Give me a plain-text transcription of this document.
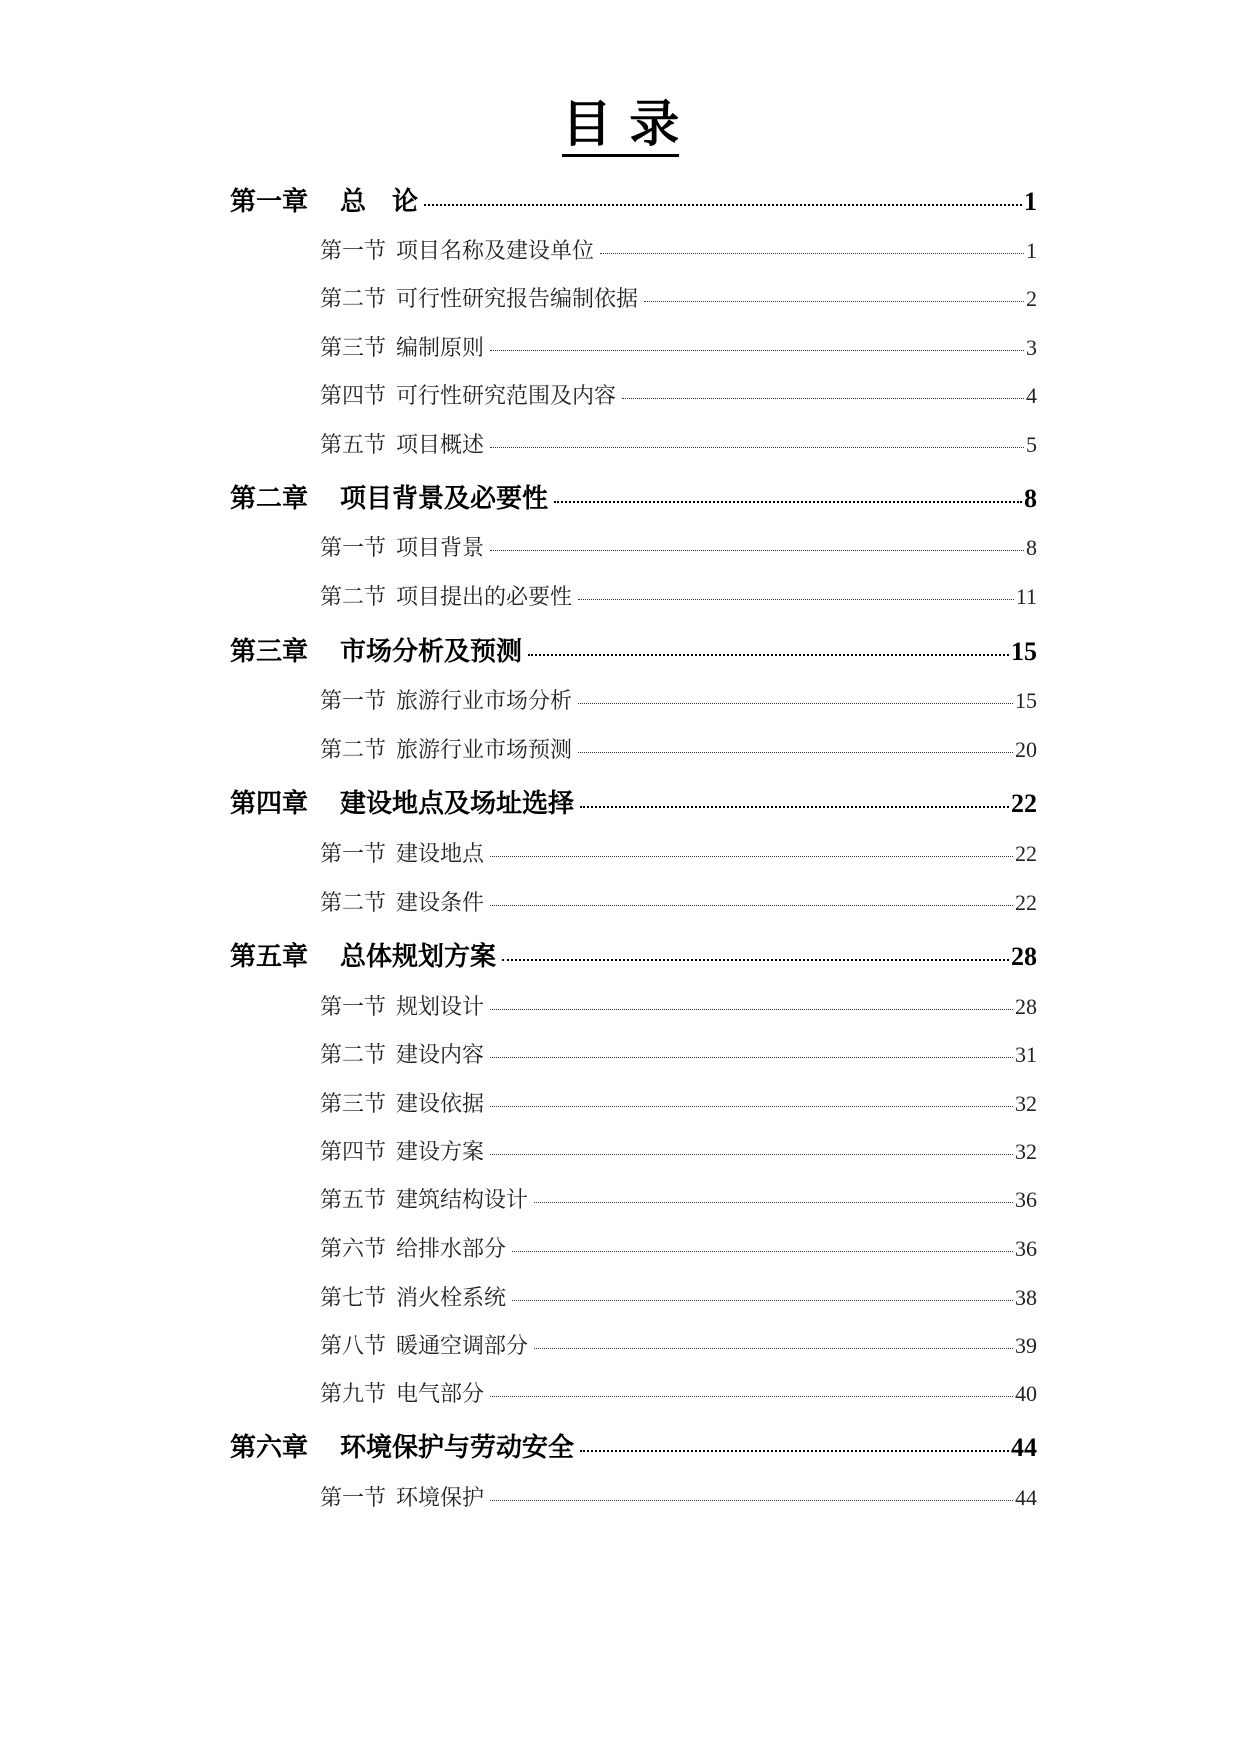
目 录
第一章 总　论	1
第一节 项目名称及建设单位	1
第二节 可行性研究报告编制依据	2
第三节 编制原则	3
第四节 可行性研究范围及内容	4
第五节 项目概述	5
第二章 项目背景及必要性	8
第一节 项目背景	8
第二节 项目提出的必要性	11
第三章 市场分析及预测	15
第一节 旅游行业市场分析	15
第二节 旅游行业市场预测	20
第四章 建设地点及场址选择	22
第一节 建设地点	22
第二节 建设条件	22
第五章 总体规划方案	28
第一节 规划设计	28
第二节 建设内容	31
第三节 建设依据	32
第四节 建设方案	32
第五节 建筑结构设计	36
第六节 给排水部分	36
第七节 消火栓系统	38
第八节 暖通空调部分	39
第九节 电气部分	40
第六章 环境保护与劳动安全	44
第一节 环境保护	44
